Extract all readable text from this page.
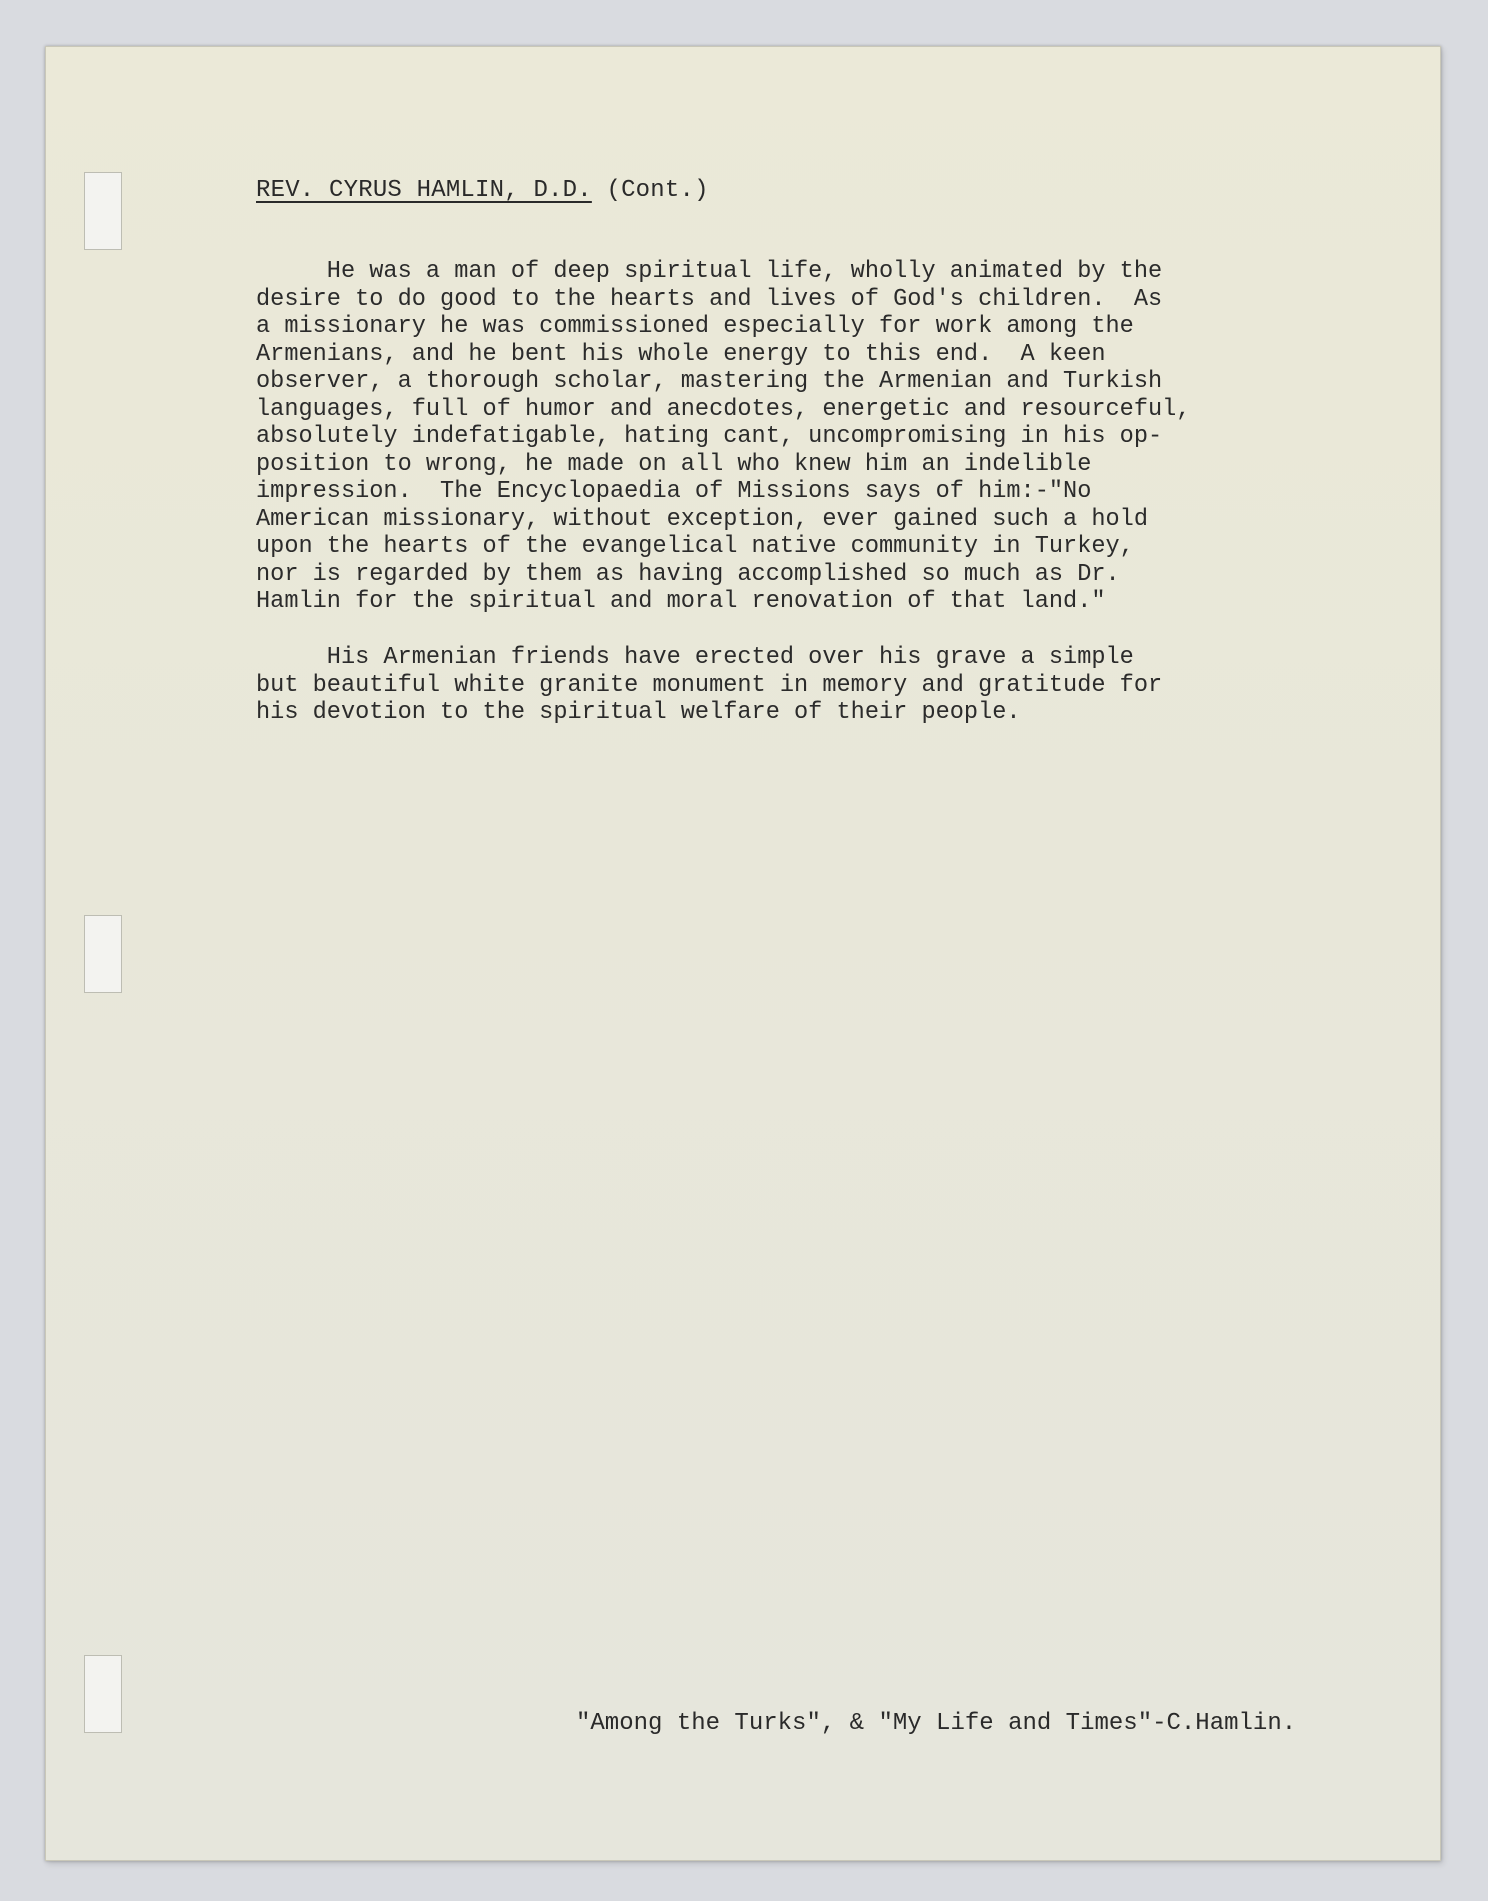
REV. CYRUS HAMLIN, D.D. (Cont.)
He was a man of deep spiritual life, wholly animated by the
desire to do good to the hearts and lives of God's children.  As
a missionary he was commissioned especially for work among the
Armenians, and he bent his whole energy to this end.  A keen
observer, a thorough scholar, mastering the Armenian and Turkish
languages, full of humor and anecdotes, energetic and resourceful,
absolutely indefatigable, hating cant, uncompromising in his op-
position to wrong, he made on all who knew him an indelible
impression.  The Encyclopaedia of Missions says of him:-"No
American missionary, without exception, ever gained such a hold
upon the hearts of the evangelical native community in Turkey,
nor is regarded by them as having accomplished so much as Dr.
Hamlin for the spiritual and moral renovation of that land."
His Armenian friends have erected over his grave a simple
but beautiful white granite monument in memory and gratitude for
his devotion to the spiritual welfare of their people.
"Among the Turks", & "My Life and Times"-C.Hamlin.
